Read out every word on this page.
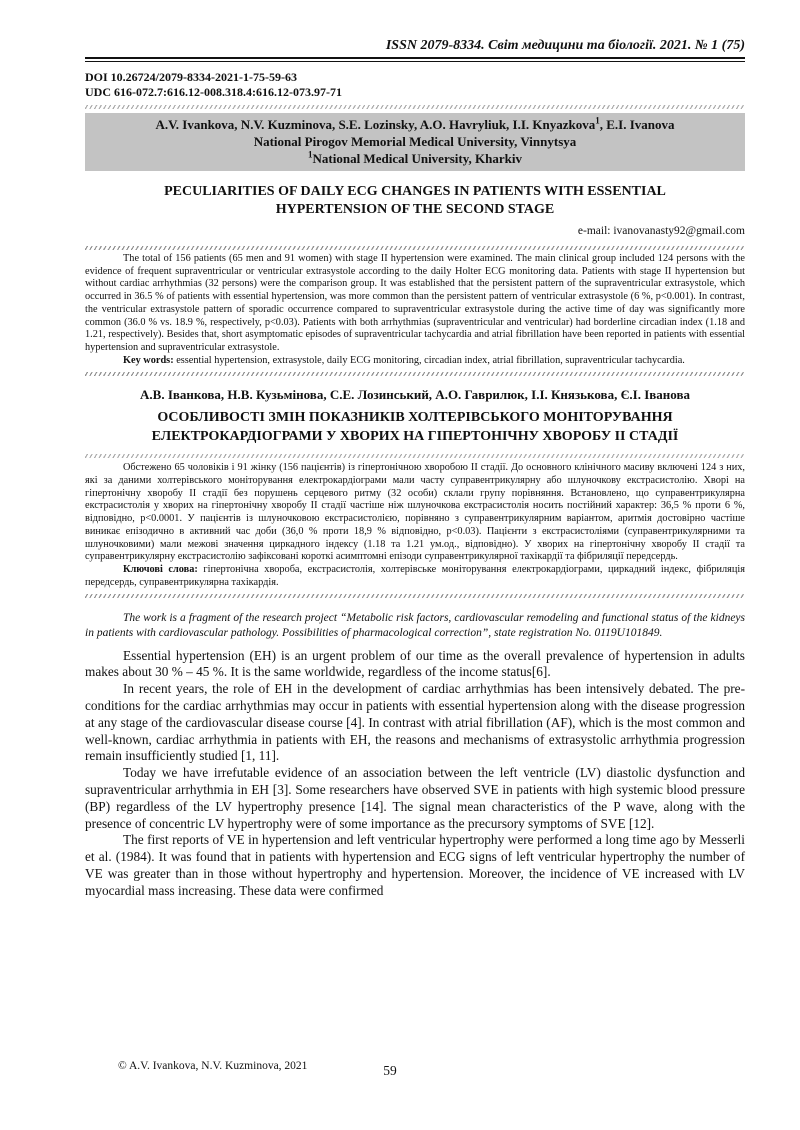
ISSN 2079-8334. Світ медицини та біології. 2021. № 1 (75)
DOI 10.26724/2079-8334-2021-1-75-59-63
UDC 616-072.7:616.12-008.318.4:616.12-073.97-71
A.V. Ivankova, N.V. Kuzminova, S.E. Lozinsky, A.O. Havryliuk, I.I. Knyazkova$^1$, E.I. Ivanova
National Pirogov Memorial Medical University, Vinnytsya
$^1$National Medical University, Kharkiv
PECULIARITIES OF DAILY ECG CHANGES IN PATIENTS WITH ESSENTIAL HYPERTENSION OF THE SECOND STAGE
e-mail: ivanovanasty92@gmail.com

The total of 156 patients (65 men and 91 women) with stage II hypertension were examined. The main clinical group included 124 persons with the evidence of frequent supraventricular or ventricular extrasystole according to the daily Holter ECG monitoring data. Patients with stage II hypertension but without cardiac arrhythmias (32 persons) were the comparison group. It was established that the persistent pattern of the supraventricular extrasystole, which occurred in 36.5 % of patients with essential hypertension, was more common than the persistent pattern of ventricular extrasystole (6 %, p<0.001). In contrast, the ventricular extrasystole pattern of sporadic occurrence compared to supraventricular extrasystole during the active time of day was significantly more common (36.0 % vs. 18.9 %, respectively, p<0.03). Patients with both arrhythmias (supraventricular and ventricular) had borderline circadian index (1.18 and 1.21, respectively). Besides that, short asymptomatic episodes of supraventricular tachycardia and atrial fibrillation have been reported in patients with essential hypertension and supraventricular extrasystole.

Key words: essential hypertension, extrasystole, daily ECG monitoring, circadian index, atrial fibrillation, supraventricular tachycardia.

А.В. Іванкова, Н.В. Кузьмінова, С.Е. Лозинський, А.О. Гаврилюк, І.І. Князькова, Є.І. Іванова
ОСОБЛИВОСТІ ЗМІН ПОКАЗНИКІВ ХОЛТЕРІВСЬКОГО МОНІТОРУВАННЯ ЕЛЕКТРОКАРДІОГРАМИ У ХВОРИХ НА ГІПЕРТОНІЧНУ ХВОРОБУ ІІ СТАДІЇ

Обстежено 65 чоловіків і 91 жінку (156 пацієнтів) із гіпертонічною хворобою ІІ стадії. До основного клінічного масиву включені 124 з них, які за даними холтерівського моніторування електрокардіограми мали часту суправентрикулярну або шлуночкову екстрасистолію. Хворі на гіпертонічну хворобу ІІ стадії без порушень серцевого ритму (32 особи) склали групу порівняння. Встановлено, що суправентрикулярна екстрасистолія у хворих на гіпертонічну хворобу ІІ стадії частіше ніж шлуночкова екстрасистолія носить постійний характер: 36,5 % проти 6 %, відповідно, р<0.0001. У пацієнтів із шлуночковою екстрасистолією, порівняно з суправентрикулярним варіантом, аритмія достовірно частіше виникає епізодично в активний час доби (36,0 % проти 18,9 % відповідно, р<0.03). Пацієнти з екстрасистоліями (суправентрикулярними та шлуночковими) мали межові значення циркадного індексу (1.18 та 1.21 ум.од., відповідно). У хворих на гіпертонічну хворобу ІІ стадії та суправентрикулярну екстрасистолію зафіксовані короткі асимптомні епізоди суправентрикулярної тахікардії та фібриляції передсердь.

Ключові слова: гіпертонічна хвороба, екстрасистолія, холтерівське моніторування електрокардіограми, циркадний індекс, фібриляція передсердь, суправентрикулярна тахікардія.

The work is a fragment of the research project “Metabolic risk factors, cardiovascular remodeling and functional status of the kidneys in patients with cardiovascular pathology. Possibilities of pharmacological correction”, state registration No. 0119U101849.

Essential hypertension (EH) is an urgent problem of our time as the overall prevalence of hypertension in adults makes about 30 % – 45 %. It is the same worldwide, regardless of the income status[6].

In recent years, the role of EH in the development of cardiac arrhythmias has been intensively debated. The pre-conditions for the cardiac arrhythmias may occur in patients with essential hypertension along with the disease progression at any stage of the cardiovascular disease course [4]. In contrast with atrial fibrillation (AF), which is the most common and well-known, cardiac arrhythmia in patients with EH, the reasons and mechanisms of extrasystolic arrhythmia progression remain insufficiently studied [1, 11].

Today we have irrefutable evidence of an association between the left ventricle (LV) diastolic dysfunction and supraventricular arrhythmia in EH [3]. Some researchers have observed SVE in patients with high systemic blood pressure (BP) regardless of the LV hypertrophy presence [14]. The signal mean characteristics of the P wave, along with the presence of concentric LV hypertrophy were of some importance as the precursory symptoms of SVE [12].

The first reports of VE in hypertension and left ventricular hypertrophy were performed a long time ago by Messerli et al. (1984). It was found that in patients with hypertension and ECG signs of left ventricular hypertrophy the number of VE was greater than in those without hypertrophy and hypertension. Moreover, the incidence of VE increased with LV myocardial mass increasing. These data were confirmed

© A.V. Ivankova, N.V. Kuzminova, 2021	59
